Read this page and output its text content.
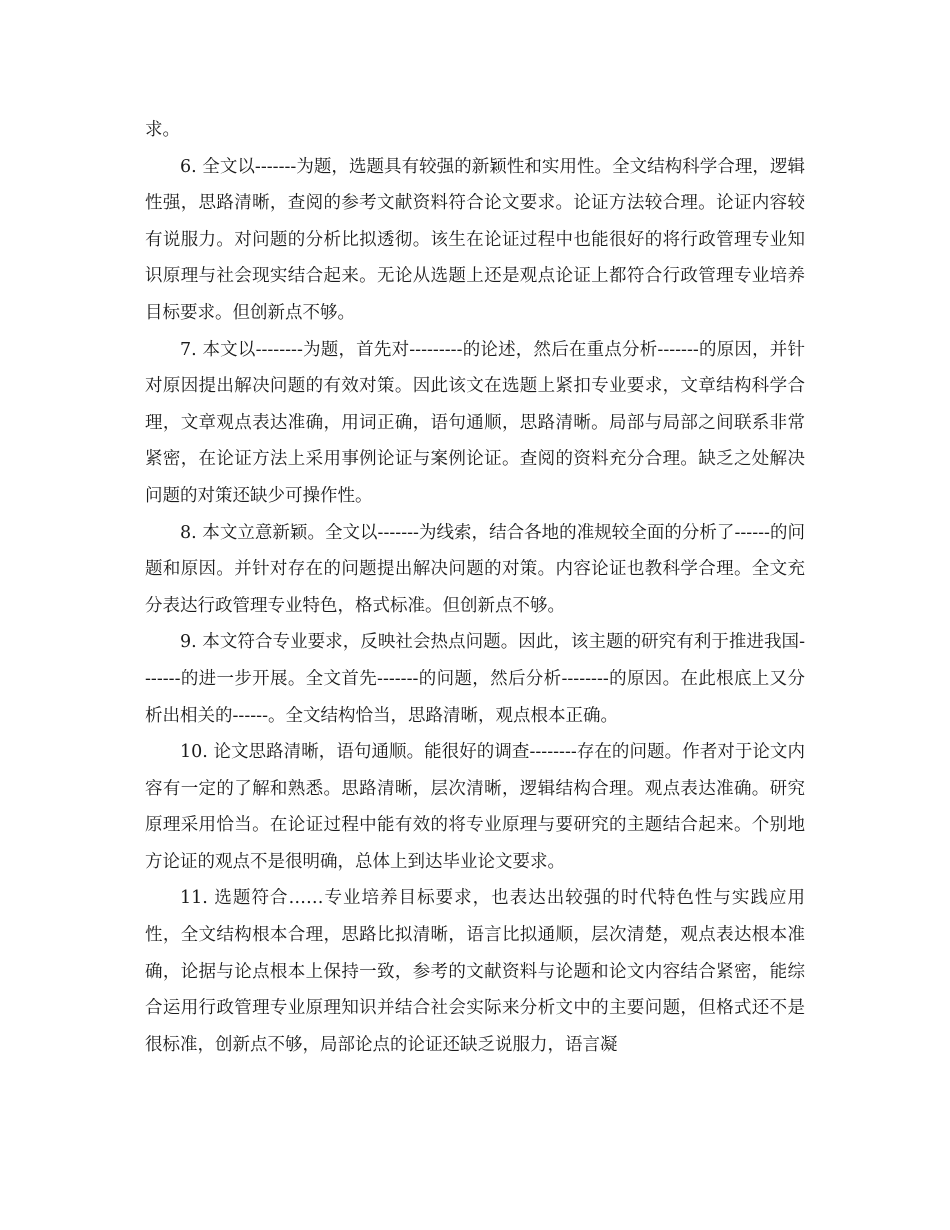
求。

6. 全文以-------为题，选题具有较强的新颖性和实用性。全文结构科学合理，逻辑性强，思路清晰，查阅的参考文献资料符合论文要求。论证方法较合理。论证内容较有说服力。对问题的分析比拟透彻。该生在论证过程中也能很好的将行政管理专业知识原理与社会现实结合起来。无论从选题上还是观点论证上都符合行政管理专业培养目标要求。但创新点不够。

7. 本文以--------为题，首先对---------的论述，然后在重点分析-------的原因，并针对原因提出解决问题的有效对策。因此该文在选题上紧扣专业要求，文章结构科学合理，文章观点表达准确，用词正确，语句通顺，思路清晰。局部与局部之间联系非常紧密，在论证方法上采用事例论证与案例论证。查阅的资料充分合理。缺乏之处解决问题的对策还缺少可操作性。

8. 本文立意新颖。全文以-------为线索，结合各地的准规较全面的分析了------的问题和原因。并针对存在的问题提出解决问题的对策。内容论证也教科学合理。全文充分表达行政管理专业特色，格式标准。但创新点不够。

9. 本文符合专业要求，反映社会热点问题。因此，该主题的研究有利于推进我国-------的进一步开展。全文首先-------的问题，然后分析--------的原因。在此根底上又分析出相关的------。全文结构恰当，思路清晰，观点根本正确。

10. 论文思路清晰，语句通顺。能很好的调查--------存在的问题。作者对于论文内容有一定的了解和熟悉。思路清晰，层次清晰，逻辑结构合理。观点表达准确。研究原理采用恰当。在论证过程中能有效的将专业原理与要研究的主题结合起来。个别地方论证的观点不是很明确，总体上到达毕业论文要求。

11. 选题符合……专业培养目标要求，也表达出较强的时代特色性与实践应用性，全文结构根本合理，思路比拟清晰，语言比拟通顺，层次清楚，观点表达根本准确，论据与论点根本上保持一致，参考的文献资料与论题和论文内容结合紧密，能综合运用行政管理专业原理知识并结合社会实际来分析文中的主要问题，但格式还不是很标准，创新点不够，局部论点的论证还缺乏说服力，语言凝
